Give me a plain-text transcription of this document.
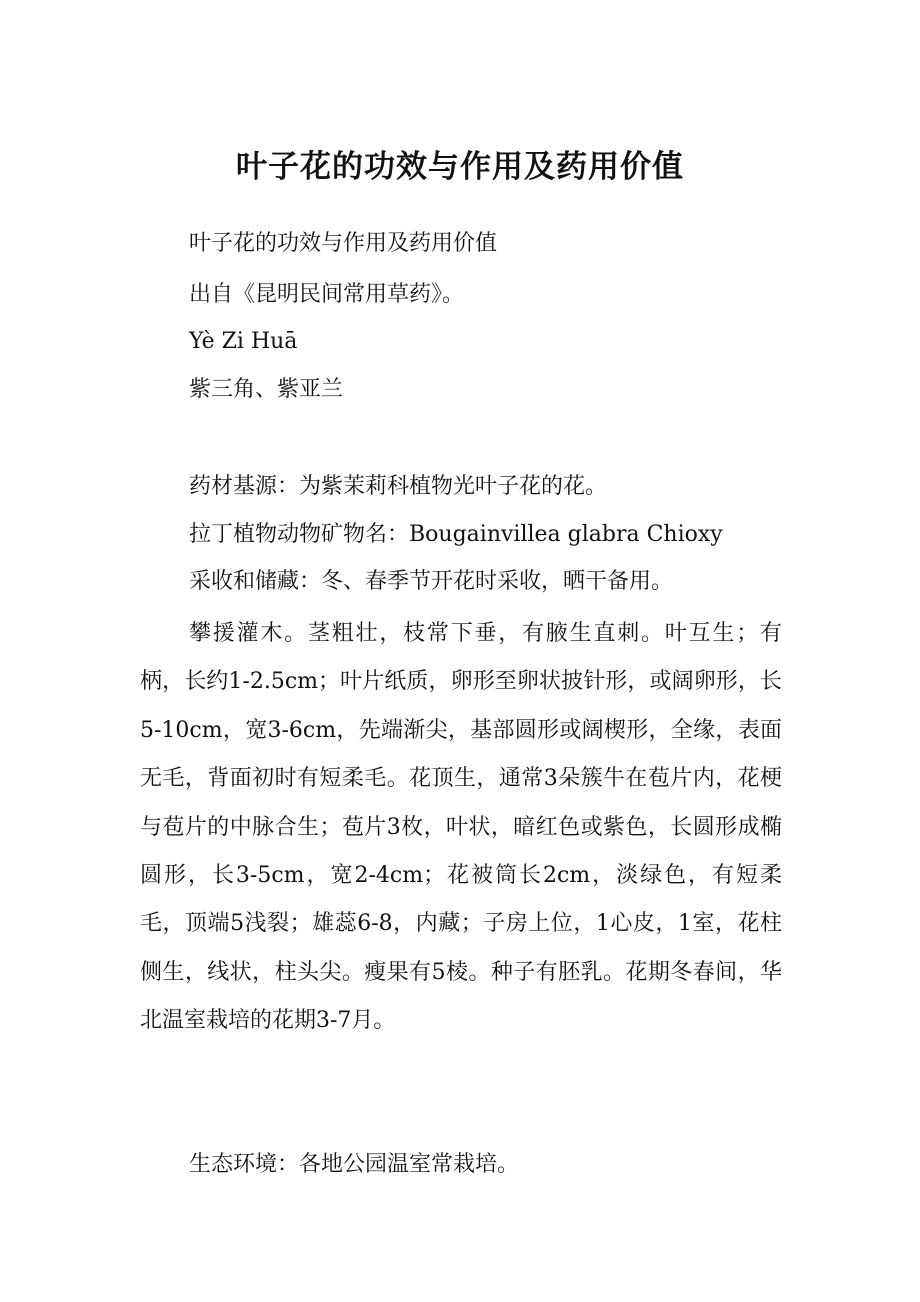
叶子花的功效与作用及药用价值
叶子花的功效与作用及药用价值
出自《昆明民间常用草药》。
Yè Zi Huā
紫三角、紫亚兰
药材基源：为紫茉莉科植物光叶子花的花。
拉丁植物动物矿物名：Bougainvillea glabra Chioxy
采收和储藏：冬、春季节开花时采收，晒干备用。
攀援灌木。茎粗壮，枝常下垂，有腋生直刺。叶互生；有柄，长约1-2.5cm；叶片纸质，卵形至卵状披针形，或阔卵形，长5-10cm，宽3-6cm，先端渐尖，基部圆形或阔楔形，全缘，表面无毛，背面初时有短柔毛。花顶生，通常3朵簇牛在苞片内，花梗与苞片的中脉合生；苞片3枚，叶状，暗红色或紫色，长圆形成椭圆形，长3-5cm，宽2-4cm；花被筒长2cm，淡绿色，有短柔毛，顶端5浅裂；雄蕊6-8，内藏；子房上位，1心皮，1室，花柱侧生，线状，柱头尖。瘦果有5棱。种子有胚乳。花期冬春间，华北温室栽培的花期3-7月。
生态环境：各地公园温室常栽培。
